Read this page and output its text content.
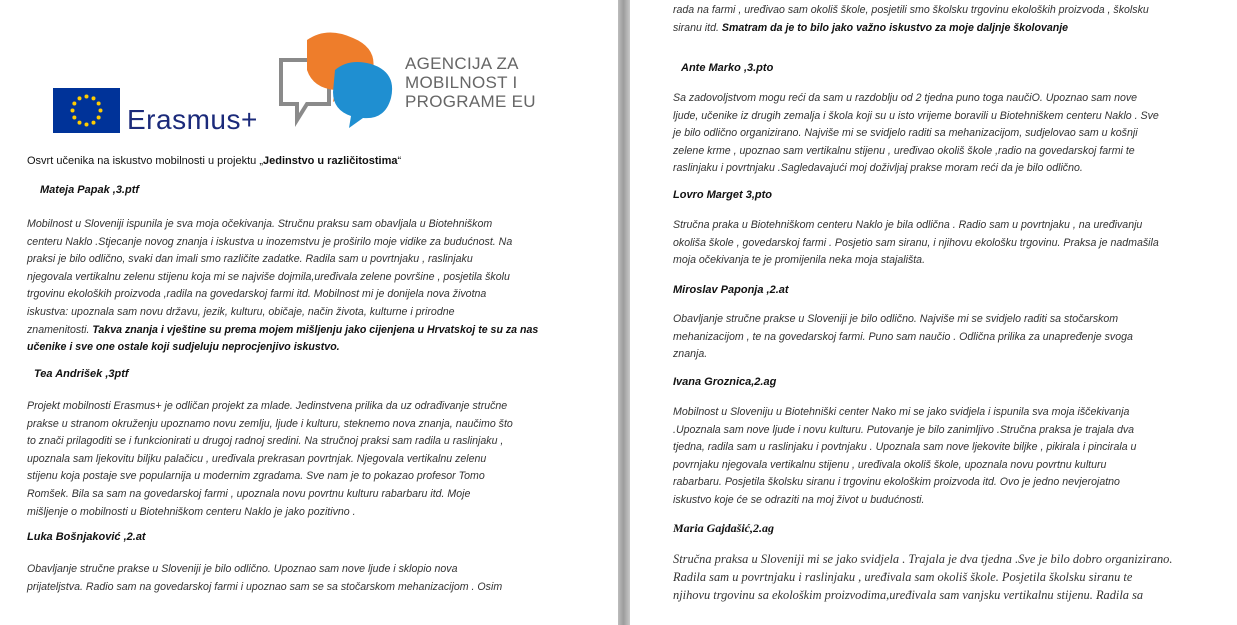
Erasmus+

AGENCIJA ZA
MOBILNOST I
PROGRAME EU

Osvrt učenika na iskustvo mobilnosti u projektu „Jedinstvo u različitostima“

Mateja Papak ,3.ptf

Mobilnost u Sloveniji ispunila je sva moja očekivanja. Stručnu praksu sam obavljala u Biotehniškom
centeru Naklo .Stjecanje novog znanja i iskustva u inozemstvu je proširilo moje vidike za budućnost. Na
praksi je bilo odlično, svaki dan imali smo različite zadatke. Radila sam u povrtnjaku , raslinjaku
njegovala vertikalnu zelenu stijenu koja mi se najviše dojmila,uređivala zelene površine , posjetila školu
trgovinu ekoloških proizvoda ,radila na govedarskoj farmi itd. Mobilnost mi je donijela nova životna
iskustva: upoznala sam novu državu, jezik, kulturu, običaje, način života, kulturne i prirodne
znamenitosti. Takva znanja i vještine su prema mojem mišljenju jako cijenjena u Hrvatskoj te su za nas
učenike i sve one ostale koji sudjeluju neprocjenjivo iskustvo.

Tea Andrišek ,3ptf

Projekt mobilnosti Erasmus+ je odličan projekt za mlade. Jedinstvena prilika da uz odrađivanje stručne
prakse u stranom okruženju upoznamo novu zemlju, ljude i kulturu, steknemo nova znanja, naučimo što
to znači prilagoditi se i funkcionirati u drugoj radnoj sredini. Na stručnoj praksi sam radila u raslinjaku ,
upoznala sam ljekovitu biljku palačicu , uređivala prekrasan povrtnjak. Njegovala vertikalnu zelenu
stijenu koja postaje sve popularnija u modernim zgradama. Sve nam je to pokazao profesor Tomo
Romšek. Bila sa sam na govedarskoj farmi , upoznala novu povrtnu kulturu rabarbaru itd. Moje
mišljenje o mobilnosti u Biotehniškom centeru Naklo je jako pozitivno .

Luka Bošnjaković ,2.at

Obavljanje stručne prakse u Sloveniji je bilo odlično. Upoznao sam nove ljude i sklopio nova
prijateljstva. Radio sam na govedarskoj farmi i upoznao sam se sa stočarskom mehanizacijom . Osim

rada na farmi , uređivao sam okoliš škole, posjetili smo školsku trgovinu ekoloških proizvoda , školsku
siranu itd. Smatram da je to bilo jako važno iskustvo za moje daljnje školovanje

Ante Marko ,3.pto

Sa zadovoljstvom mogu reći da sam u razdoblju od 2 tjedna puno toga naučiO. Upoznao sam nove
ljude, učenike iz drugih zemalja i škola koji su u isto vrijeme boravili u Biotehniškem centeru Naklo . Sve
je bilo odlično organizirano. Najviše mi se svidjelo raditi sa mehanizacijom, sudjelovao sam u košnji
zelene krme , upoznao sam vertikalnu stijenu , uređivao okoliš škole ,radio na govedarskoj farmi te
raslinjaku i povrtnjaku .Sagledavajući moj doživljaj prakse moram reći da je bilo odlično.

Lovro Marget 3,pto

Stručna praka u Biotehniškom centeru Naklo je bila odlična . Radio sam u povrtnjaku , na uređivanju
okoliša škole , govedarskoj farmi . Posjetio sam siranu, i njihovu ekološku trgovinu. Praksa je nadmašila
moja očekivanja te je promijenila neka moja stajališta.

Miroslav Paponja ,2.at

Obavljanje stručne prakse u Sloveniji je bilo odlično. Najviše mi se svidjelo raditi sa stočarskom
mehanizacijom , te na govedarskoj farmi. Puno sam naučio . Odlična prilika za unapređenje svoga
znanja.

Ivana Groznica,2.ag

Mobilnost u Sloveniju u Biotehniški center Nako mi se jako svidjela i ispunila sva moja iščekivanja
.Upoznala sam nove ljude i novu kulturu. Putovanje je bilo zanimljivo .Stručna praksa je trajala dva
tjedna, radila sam u raslinjaku i povtnjaku . Upoznala sam nove ljekovite biljke , pikirala i pincirala u
povrnjaku njegovala vertikalnu stijenu , uređivala okoliš škole, upoznala novu povrtnu kulturu
rabarbaru. Posjetila školsku siranu i trgovinu ekološkim proizvoda itd. Ovo je jedno nevjerojatno
iskustvo koje će se odraziti na moj život u budućnosti.

Maria Gajdašić,2.ag

Stručna praksa u Sloveniji mi se jako svidjela . Trajala je dva tjedna .Sve je bilo dobro organizirano.
Radila sam u povrtnjaku i raslinjaku , uređivala sam okoliš škole. Posjetila školsku siranu te
njihovu trgovinu sa ekološkim proizvodima,uređivala sam vanjsku vertikalnu stijenu. Radila sa
